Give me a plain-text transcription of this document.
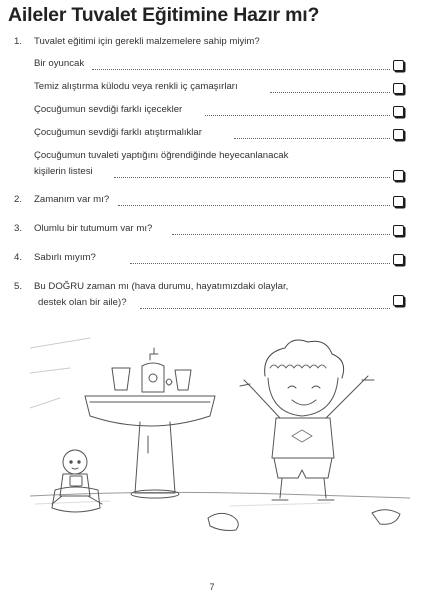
Aileler Tuvalet Eğitimine Hazır mı?
1. Tuvalet eğitimi için gerekli malzemelere sahip miyim?
Bir oyuncak
Temiz alıştırma külodu veya renkli iç çamaşırları
Çocuğumun sevdiği farklı içecekler
Çocuğumun sevdiği farklı atıştırmalıklar
Çocuğumun tuvaleti yaptığını öğrendiğinde heyecanlanacak
kişilerin listesi
2. Zamanım var mı?
3. Olumlu bir tutumum var mı?
4. Sabırlı mıyım?
5. Bu DOĞRU zaman mı (hava durumu, hayatımızdaki olaylar,
destek olan bir aile)?
7
